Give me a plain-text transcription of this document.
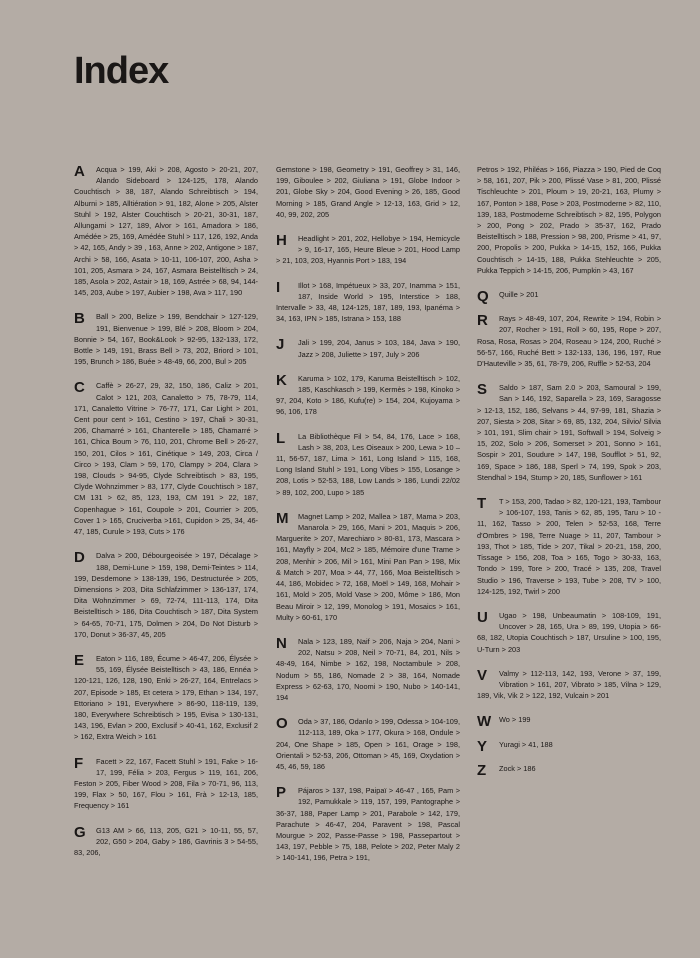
Index
A	Acqua > 199, Aki > 208, Agosto > 20-21, 207, Alando Sideboard > 124-125, 178, Alando Couchtisch > 38, 187, Alando Schreibtisch > 194, Alburni > 185, Alltiération > 91, 182, Alone > 205, Alster Stuhl > 192, Alster Couchtisch > 20-21, 30-31, 187, Allungami > 127, 189, Alvor > 161, Amadora > 186, Amédée > 25, 169, Amédée Stuhl > 117, 126, 192, Anda > 42, 165, Andy > 39 , 163, Anne > 202, Antigone > 187, Archi > 58, 166, Asata > 10-11, 106-107, 200, Asha > 101, 205, Asmara > 24, 167, Asmara Beistelltisch > 24, 185, Asola > 202, Astair > 18, 169, Astrée > 68, 94, 144-145, 203, Aube > 197, Aubier > 198, Ava > 117, 190

B	Ball > 200, Belize > 199, Bendchair > 127-129, 191, Bienvenue > 199, Blé > 208, Bloom > 204, Bonnie > 54, 167, Book&Look > 92-95, 132-133, 172, Bottle > 149, 191, Brass Bell > 73, 202, Briord > 101, 195, Brunch > 186, Buée > 48-49, 66, 200, Bul > 205

C	Caffè > 26-27, 29, 32, 150, 186, Caliz > 201, Calot > 121, 203, Canaletto > 75, 78-79, 114, 171, Canaletto Vitrine > 76-77, 171, Car Light > 201, Cent pour cent > 161, Cestino > 197, Chali > 30-31, 206, Chamarré > 161, Chanterelle > 185, Chamarré > 161, Chica Boum > 76, 110, 201, Chrome Bell > 26-27, 150, 201, Cilos > 161, Cinétique > 149, 203, Circa / Circo > 193, Clam > 59, 170, Clampy > 204, Clara > 198, Clouds > 94-95, Clyde Schreibtisch > 83, 195, Clyde Wohnzimmer > 83, 177, Clyde Couchtisch > 187, CM 131 > 62, 85, 123, 193, CM 191 > 22, 187, Copenhague > 161, Coupole > 201, Courrier > 205, Cover 1 > 165, Cruciverba >161, Cupidon > 25, 34, 46-47, 185, Curule > 193, Cuts > 176

D	Dalva > 200, Débourgeoisée > 197, Décalage > 188, Demi-Lune > 159, 198, Demi-Teintes > 114, 199, Desdemone > 138-139, 196, Destructurée > 205, Dimensions > 203, Dita Schlafzimmer > 136-137, 174, Dita Wohnzimmer > 69, 72-74, 111-113, 174, Dita Beistelltisch > 186, Dita Couchtisch > 187, Dita System > 64-65, 70-71, 175, Dolmen > 204, Do Not Disturb > 170, Donut > 36-37, 45, 205

E	Eaton > 116, 189, Écume > 46-47, 206, Élysée > 55, 169, Élysée Beistelltisch > 43, 186, Ennéa > 120-121, 126, 128, 190, Enki > 26-27, 164, Entrelacs > 207, Episode > 185, Et cetera > 179, Ethan > 134, 197, Ettoriano > 191, Everywhere > 86-90, 118-119, 139, 180, Everywhere Schreibtisch > 195, Evisa > 130-131, 143, 196, Evlan > 200, Exclusif > 40-41, 162, Exclusif 2 > 162, Extra Weich > 161

F	Facett > 22, 167, Facett Stuhl > 191, Fake > 16-17, 199, Félia > 203, Fergus > 119, 161, 206, Feston > 205, Fiber Wood > 208, Fila > 70-71, 96, 113, 199, Flax > 50, 167, Flou > 161, Frà > 12-13, 185, Frequency > 161

G	G13 AM > 66, 113, 205, G21 > 10-11, 55, 57, 202, G50 > 204, Gaby > 186, Gavrinis 3 > 54-55, 83, 206,

Gemstone > 198, Geometry > 191, Geoffrey > 31, 146, 199, Giboulee > 202, Giuliana > 191, Globe Indoor > 201, Globe Sky > 204, Good Evening > 26, 185, Good Morning > 185, Grand Angle > 12-13, 163, Grid > 12, 40, 99, 202, 205

H	Headlight > 201, 202, Hellobye > 194, Hemicycle > 9, 16-17, 165, Heure Bleue > 201, Hood Lamp > 21, 103, 203, Hyannis Port > 183, 194

I	Illot > 168, Impétueux > 33, 207, Inamma > 151, 187, Inside World > 195, Interstice > 188, Intervalle > 33, 48, 124-125, 187, 189, 193, Ipanéma > 34, 163, IPN > 185, Istrana > 153, 188

J	Jali > 199, 204, Janus > 103, 184, Java > 190, Jazz > 208, Juliette > 197, July > 206

K	Karuma > 102, 179, Karuma Beistelltisch > 102, 185, Kaschkasch > 199, Kermès > 198, Kinoko > 97, 204, Koto > 186, Kufu(re) > 154, 204, Kujoyama > 96, 106, 178

L	La Bibliothèque Fil > 54, 84, 176, Lace > 168, Lash > 38, 203, Les Oiseaux > 200, Lewa > 10 – 11, 56-57, 187, Lima > 161, Long Island > 115, 168, Long Island Stuhl > 191, Long Vibes > 155, Losange > 208, Lotis > 52-53, 188, Low Lands > 186, Lundi 22/02 > 89, 102, 200, Lupo > 185

M	Magnet Lamp > 202, Mallea > 187, Mama > 203, Manarola > 29, 166, Mani > 201, Maquis > 206, Marguerite > 207, Marechiaro > 80-81, 173, Mascara > 161, Mayfly > 204, Mc2 > 185, Mémoire d'une Trame > 208, Menhir > 206, Mil > 161, Mini Pan Pan > 198, Mix & Match > 207, Moa > 44, 77, 166, Moa Beistelltisch > 44, 186, Mobidec > 72, 168, Moël > 149, 168, Mohair > 161, Mold > 205, Mold Vase > 200, Môme > 186, Mon Beau Miroir > 12, 199, Monolog > 191, Mosaics > 161, Multy > 60-61, 170

N	Nala > 123, 189, Naif > 206, Naja > 204, Nani > 202, Natsu > 208, Neil > 70-71, 84, 201, Nils > 48-49, 164, Nimbe > 162, 198, Noctambule > 208, Nodum > 55, 186, Nomade 2 > 38, 164, Nomade Express > 62-63, 170, Noomi > 190, Nubo > 140-141, 194

O	Oda > 37, 186, Odanlo > 199, Odessa > 104-109, 112-113, 189, Oka > 177, Okura > 168, Ondule > 204, One Shape > 185, Open > 161, Orage > 198, Orientali > 52-53, 206, Ottoman > 45, 169, Oxydation > 45, 46, 59, 186

P	Pájaros > 137, 198, Paipaï > 46-47 , 165, Pam > 192, Pamukkale > 119, 157, 199, Pantographe > 36-37, 188, Paper Lamp > 201, Parabole > 142, 179, Parachute > 46-47, 204, Paravent > 198, Pascal Mourgue > 202, Passe-Passe > 198, Passepartout > 143, 197, Pebble > 75, 188, Pelote > 202, Peter Maly 2 > 140-141, 196, Petra > 191,

Petros > 192, Philéas > 166, Piazza > 190, Pied de Coq > 58, 161, 207, Pik > 200, Plissé Vase > 81, 200, Plissé Tischleuchte > 201, Ploum > 19, 20-21, 163, Plumy > 167, Ponton > 188, Pose > 203, Postmoderne > 82, 110, 139, 183, Postmoderne Schreibtisch > 82, 195, Polygon > 200, Pong > 202, Prado > 35-37, 162, Prado Beistelltisch > 188, Pression > 98, 200, Prisme > 41, 97, 200, Propolis > 200, Pukka > 14-15, 152, 166, Pukka Couchtisch > 14-15, 188, Pukka Stehleuchte > 205, Pukka Teppich > 14-15, 206, Pumpkin > 43, 167

Q	Quille > 201

R	Rays > 48-49, 107, 204, Rewrite > 194, Robin > 207, Rocher > 191, Roll > 60, 195, Rope > 207, Rosa, Rosa, Rosas > 204, Roseau > 124, 200, Ruché > 56-57, 166, Ruché Bett > 132-133, 136, 196, 197, Rue D'Hauteville > 35, 61, 78-79, 206, Ruffle > 52-53, 204

S	Saldo > 187, Sam 2.0 > 203, Samoural > 199, San > 146, 192, Saparella > 23, 169, Saragosse > 12-13, 152, 186, Selvans > 44, 97-99, 181, Shazia > 207, Siesta > 208, Sitar > 69, 85, 132, 204, Silvio/ Silvia > 101, 191, Slim chair > 191, Softwall > 194, Solveig > 15, 202, Solo > 206, Somerset > 201, Sonno > 161, Sospir > 201, Soudure > 147, 198, Soufflot > 51, 92, 169, Space > 186, 188, Sperl > 74, 199, Spok > 203, Stendhal > 194, Stump > 20, 185, Sunflower > 161

T	T > 153, 200, Tadao > 82, 120-121, 193, Tambour > 106-107, 193, Tanis > 62, 85, 195, Taru > 10 - 11, 162, Tasso > 200, Telen > 52-53, 168, Terre d'Ombres > 198, Terre Nuage > 11, 207, Tambour > 193, Thot > 185, Tide > 207, Tikal > 20-21, 158, 200, Tissage > 156, 208, Toa > 165, Togo > 30-33, 163, Tondo > 199, Tore > 200, Tracé > 135, 208, Travel Studio > 196, Traverse > 193, Tube > 208, TV > 100, 124-125, 192, Twirl > 200

U	Ugao > 198, Unbeaumatin > 108-109, 191, Uncover > 28, 165, Ura > 89, 199, Utopia > 66-68, 182, Utopia Couchtisch > 187, Ursuline > 100, 195, U-Turn > 203

V	Valmy > 112-113, 142, 193, Verone > 37, 199, Vibration > 161, 207, Vibrato > 185, Vilna > 129, 189, Vik, Vik 2 > 122, 192, Vulcain > 201

W	Wo > 199

Y	Yuragi > 41, 188

Z	Zock > 186
